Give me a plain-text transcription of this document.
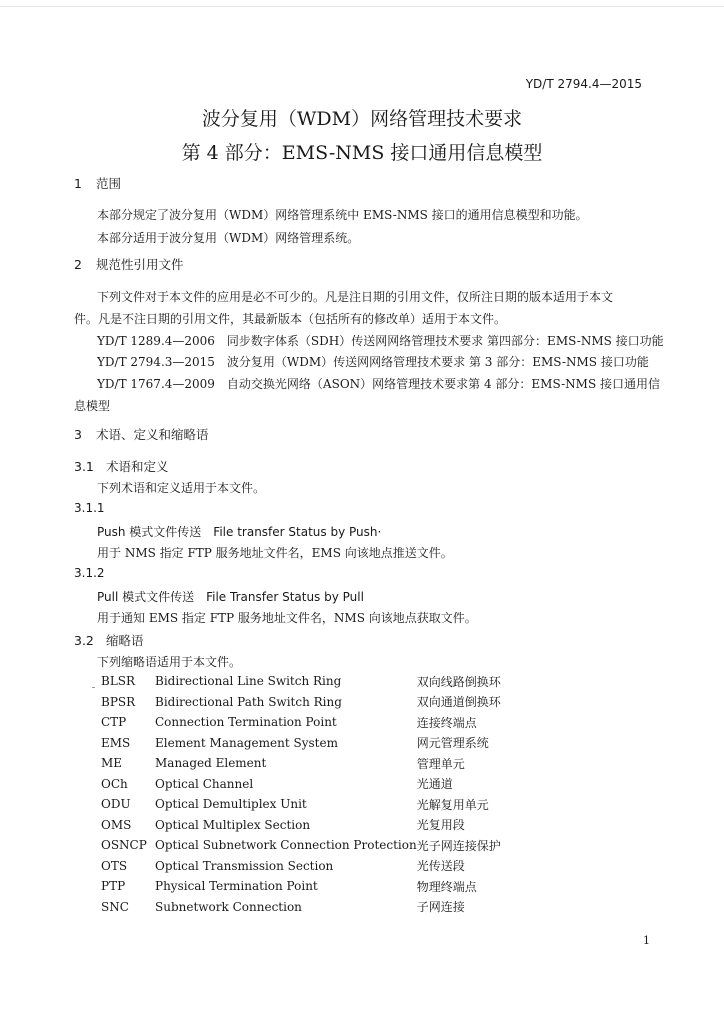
YD/T 2794.4—2015
波分复用（WDM）网络管理技术要求
第 4 部分：EMS-NMS 接口通用信息模型
1 范围
本部分规定了波分复用（WDM）网络管理系统中 EMS-NMS 接口的通用信息模型和功能。
本部分适用于波分复用（WDM）网络管理系统。
2 规范性引用文件
下列文件对于本文件的应用是必不可少的。凡是注日期的引用文件，仅所注日期的版本适用于本文
件。凡是不注日期的引用文件，其最新版本（包括所有的修改单）适用于本文件。
YD/T 1289.4—2006　同步数字体系（SDH）传送网网络管理技术要求 第四部分：EMS-NMS 接口功能
YD/T 2794.3—2015　波分复用（WDM）传送网网络管理技术要求 第 3 部分：EMS-NMS 接口功能
YD/T 1767.4—2009　自动交换光网络（ASON）网络管理技术要求第 4 部分：EMS-NMS 接口通用信
息模型
3 术语、定义和缩略语
3.1 术语和定义
下列术语和定义适用于本文件。
3.1.1
Push 模式文件传送　File transfer Status by Push·
用于 NMS 指定 FTP 服务地址文件名，EMS 向该地点推送文件。
3.1.2
Pull 模式文件传送　File Transfer Status by Pull
用于通知 EMS 指定 FTP 服务地址文件名，NMS 向该地点获取文件。
3.2 缩略语
下列缩略语适用于本文件。
BLSR	Bidirectional Line Switch Ring	双向线路倒换环
BPSR	Bidirectional Path Switch Ring	双向通道倒换环
CTP	Connection Termination Point	连接终端点
EMS	Element Management System	网元管理系统
ME	Managed Element	管理单元
OCh	Optical Channel	光通道
ODU	Optical Demultiplex Unit	光解复用单元
OMS	Optical Multiplex Section	光复用段
OSNCP	Optical Subnetwork Connection Protection	光子网连接保护
OTS	Optical Transmission Section	光传送段
PTP	Physical Termination Point	物理终端点
SNC	Subnetwork Connection	子网连接
1
